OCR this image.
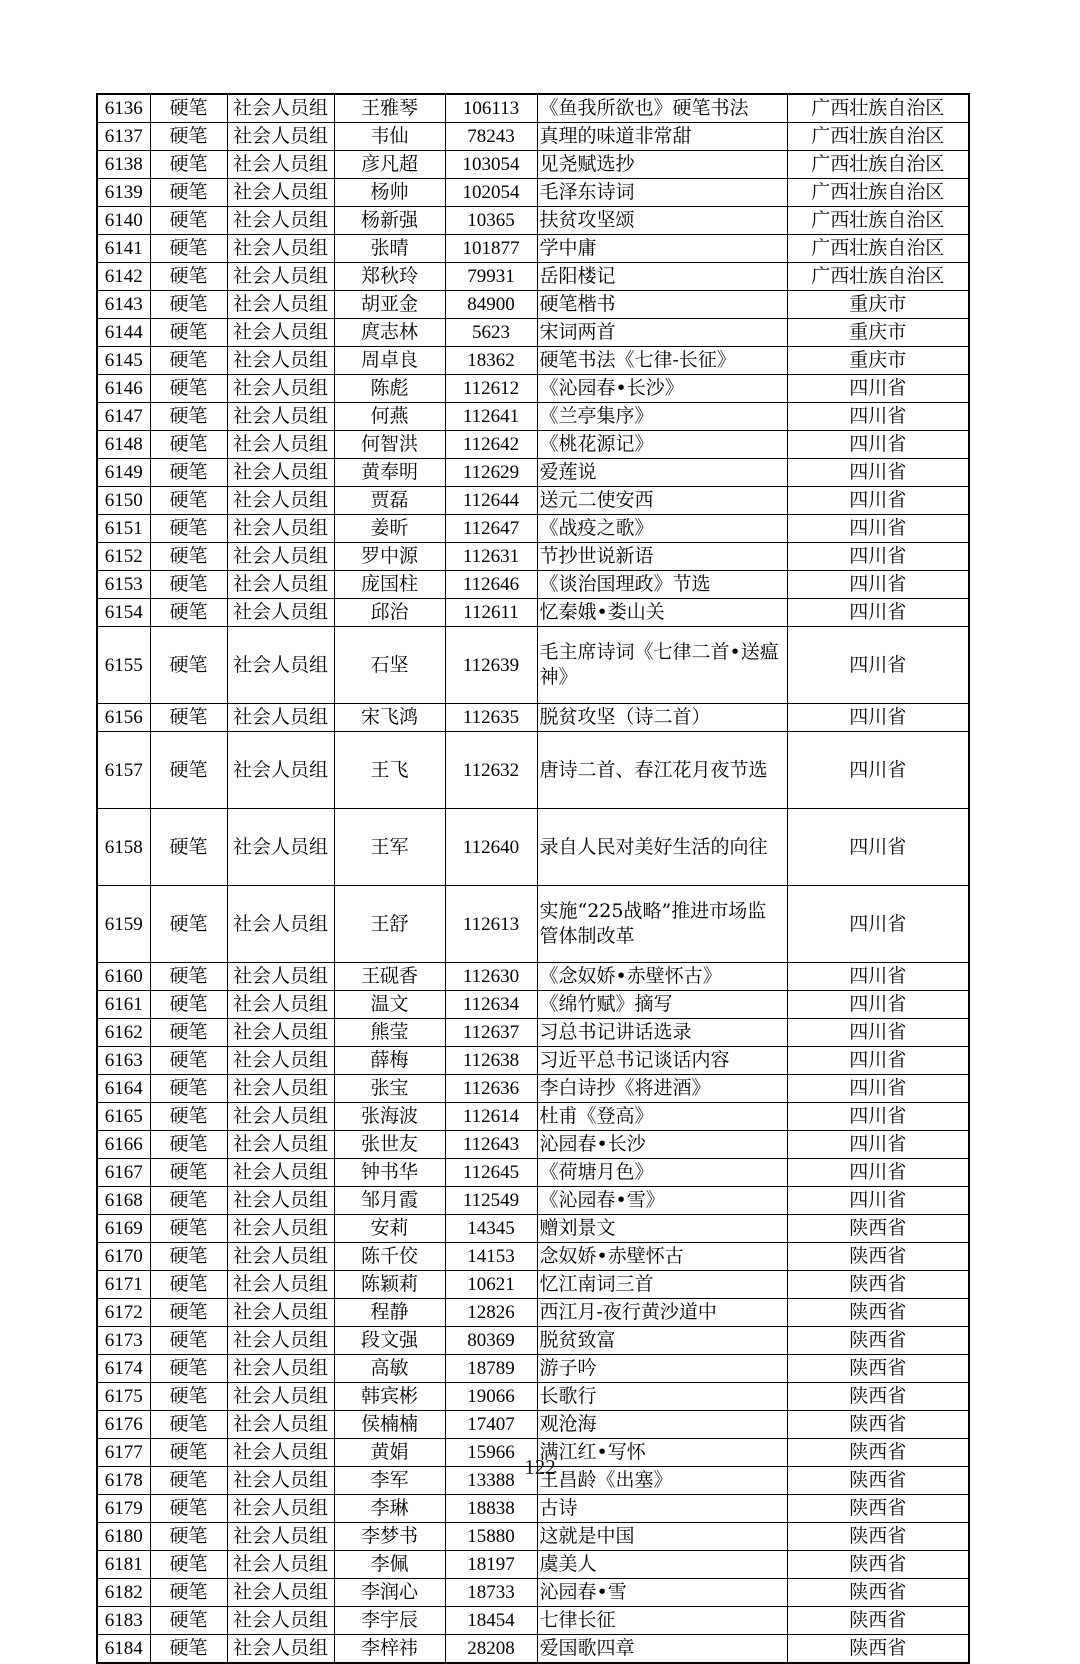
6136	硬笔	社会人员组	王雅琴	106113	《鱼我所欲也》硬笔书法	广西壮族自治区
6137	硬笔	社会人员组	韦仙	78243	真理的味道非常甜	广西壮族自治区
6138	硬笔	社会人员组	彦凡超	103054	见尧赋选抄	广西壮族自治区
6139	硬笔	社会人员组	杨帅	102054	毛泽东诗词	广西壮族自治区
6140	硬笔	社会人员组	杨新强	10365	扶贫攻坚颂	广西壮族自治区
6141	硬笔	社会人员组	张晴	101877	学中庸	广西壮族自治区
6142	硬笔	社会人员组	郑秋玲	79931	岳阳楼记	广西壮族自治区
6143	硬笔	社会人员组	胡亚金	84900	硬笔楷书	重庆市
6144	硬笔	社会人员组	庹志林	5623	宋词两首	重庆市
6145	硬笔	社会人员组	周卓良	18362	硬笔书法《七律-长征》	重庆市
6146	硬笔	社会人员组	陈彪	112612	《沁园春•长沙》	四川省
6147	硬笔	社会人员组	何燕	112641	《兰亭集序》	四川省
6148	硬笔	社会人员组	何智洪	112642	《桃花源记》	四川省
6149	硬笔	社会人员组	黄奉明	112629	爱莲说	四川省
6150	硬笔	社会人员组	贾磊	112644	送元二使安西	四川省
6151	硬笔	社会人员组	姜昕	112647	《战疫之歌》	四川省
6152	硬笔	社会人员组	罗中源	112631	节抄世说新语	四川省
6153	硬笔	社会人员组	庞国柱	112646	《谈治国理政》节选	四川省
6154	硬笔	社会人员组	邱治	112611	忆秦娥•娄山关	四川省
6155	硬笔	社会人员组	石坚	112639	毛主席诗词《七律二首•送瘟神》	四川省
6156	硬笔	社会人员组	宋飞鸿	112635	脱贫攻坚（诗二首）	四川省
6157	硬笔	社会人员组	王飞	112632	唐诗二首、春江花月夜节选	四川省
6158	硬笔	社会人员组	王军	112640	录自人民对美好生活的向往	四川省
6159	硬笔	社会人员组	王舒	112613	实施“225战略”推进市场监管体制改革	四川省
6160	硬笔	社会人员组	王砚香	112630	《念奴娇•赤壁怀古》	四川省
6161	硬笔	社会人员组	温文	112634	《绵竹赋》摘写	四川省
6162	硬笔	社会人员组	熊莹	112637	习总书记讲话选录	四川省
6163	硬笔	社会人员组	薛梅	112638	习近平总书记谈话内容	四川省
6164	硬笔	社会人员组	张宝	112636	李白诗抄《将进酒》	四川省
6165	硬笔	社会人员组	张海波	112614	杜甫《登高》	四川省
6166	硬笔	社会人员组	张世友	112643	沁园春•长沙	四川省
6167	硬笔	社会人员组	钟书华	112645	《荷塘月色》	四川省
6168	硬笔	社会人员组	邹月霞	112549	《沁园春•雪》	四川省
6169	硬笔	社会人员组	安莉	14345	赠刘景文	陕西省
6170	硬笔	社会人员组	陈千佼	14153	念奴娇•赤壁怀古	陕西省
6171	硬笔	社会人员组	陈颖莉	10621	忆江南词三首	陕西省
6172	硬笔	社会人员组	程静	12826	西江月-夜行黄沙道中	陕西省
6173	硬笔	社会人员组	段文强	80369	脱贫致富	陕西省
6174	硬笔	社会人员组	高敏	18789	游子吟	陕西省
6175	硬笔	社会人员组	韩宾彬	19066	长歌行	陕西省
6176	硬笔	社会人员组	侯楠楠	17407	观沧海	陕西省
6177	硬笔	社会人员组	黄娟	15966	满江红•写怀	陕西省
6178	硬笔	社会人员组	李军	13388	王昌龄《出塞》	陕西省
6179	硬笔	社会人员组	李琳	18838	古诗	陕西省
6180	硬笔	社会人员组	李梦书	15880	这就是中国	陕西省
6181	硬笔	社会人员组	李佩	18197	虞美人	陕西省
6182	硬笔	社会人员组	李润心	18733	沁园春•雪	陕西省
6183	硬笔	社会人员组	李宇辰	18454	七律长征	陕西省
6184	硬笔	社会人员组	李梓祎	28208	爱国歌四章	陕西省
122
